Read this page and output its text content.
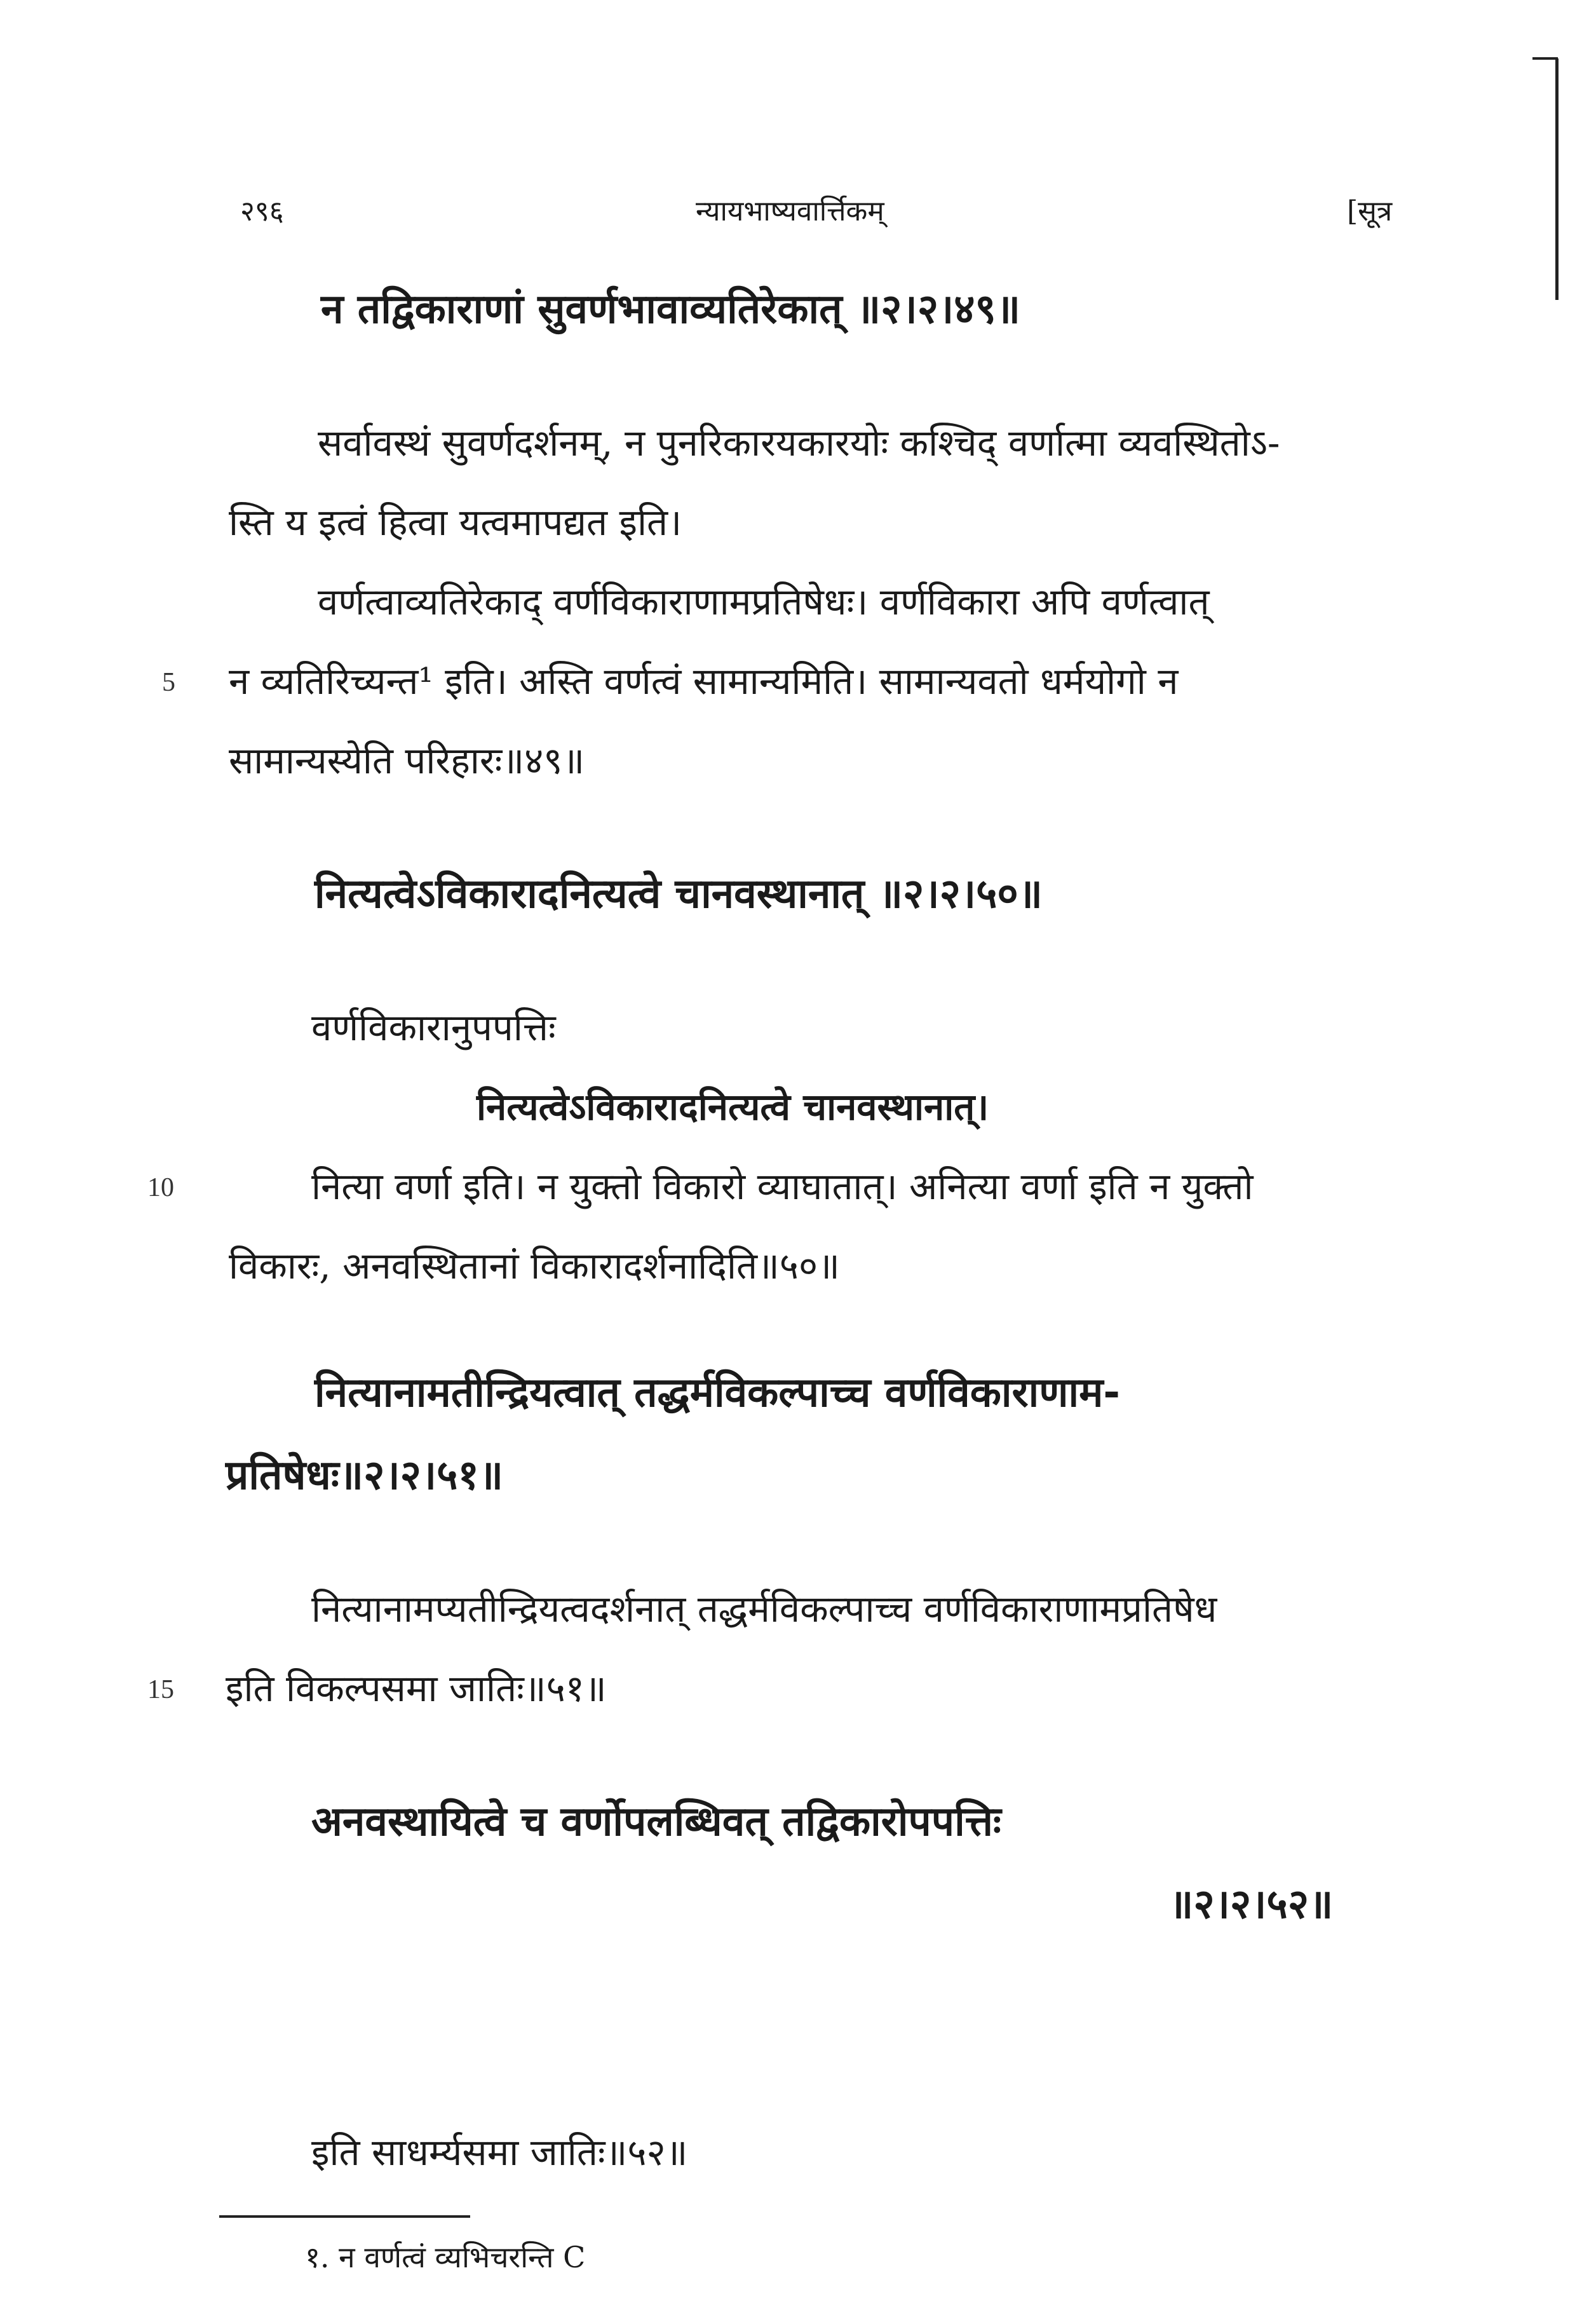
२९६	न्यायभाष्यवार्त्तिकम्	[सूत्र
न तद्विकाराणां सुवर्णभावाव्यतिरेकात् ॥२।२।४९॥
सर्वावस्थं सुवर्णदर्शनम्, न पुनरिकारयकारयोः कश्चिद् वर्णात्मा व्यवस्थितोऽ-
स्ति य इत्वं हित्वा यत्वमापद्यत इति।
वर्णत्वाव्यतिरेकाद् वर्णविकाराणामप्रतिषेधः। वर्णविकारा अपि वर्णत्वात्
5 न व्यतिरिच्यन्त¹ इति। अस्ति वर्णत्वं सामान्यमिति। सामान्यवतो धर्मयोगो न
सामान्यस्येति परिहारः॥४९॥
नित्यत्वेऽविकारादनित्यत्वे चानवस्थानात् ॥२।२।५०॥
वर्णविकारानुपपत्तिः
नित्यत्वेऽविकारादनित्यत्वे चानवस्थानात्।
10	नित्या वर्णा इति। न युक्तो विकारो व्याघातात्। अनित्या वर्णा इति न युक्तो
विकारः, अनवस्थितानां विकारादर्शनादिति॥५०॥
नित्यानामतीन्द्रियत्वात् तद्धर्मविकल्पाच्च वर्णविकाराणाम-
प्रतिषेधः॥२।२।५१॥
नित्यानामप्यतीन्द्रियत्वदर्शनात् तद्धर्मविकल्पाच्च वर्णविकाराणामप्रतिषेध
15 इति विकल्पसमा जातिः॥५१॥
अनवस्थायित्वे च वर्णोपलब्धिवत् तद्विकारोपपत्तिः
॥२।२।५२॥
इति साधर्म्यसमा जातिः॥५२॥
१. न वर्णत्वं व्यभिचरन्ति C
